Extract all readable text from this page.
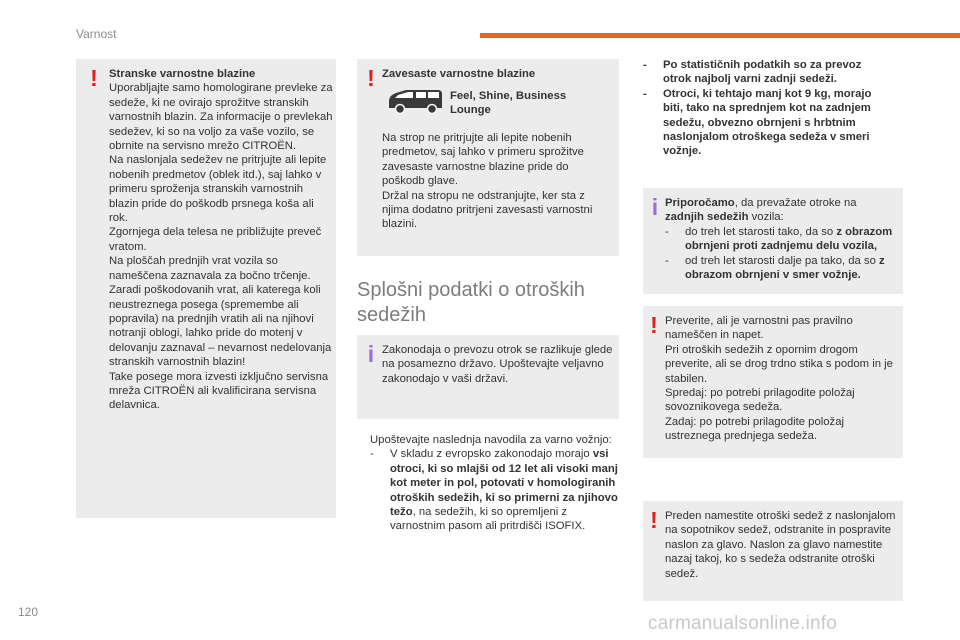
Varnost
! Stranske varnostne blazine
Uporabljajte samo homologirane prevleke za sedeže, ki ne ovirajo sprožitve stranskih varnostnih blazin. Za informacije o prevlekah sedežev, ki so na voljo za vaše vozilo, se obrnite na servisno mrežo CITROËN.
Na naslonjala sedežev ne pritrjujte ali lepite nobenih predmetov (oblek itd.), saj lahko v primeru sproženja stranskih varnostnih blazin pride do poškodb prsnega koša ali rok.
Zgornjega dela telesa ne približujte preveč vratom.
Na ploščah prednjih vrat vozila so nameščena zaznavala za bočno trčenje. Zaradi poškodovanih vrat, ali katerega koli neustreznega posega (spremembe ali popravila) na prednjih vratih ali na njihovi notranji oblogi, lahko pride do motenj v delovanju zaznaval – nevarnost nedelovanja stranskih varnostnih blazin!
Take posege mora izvesti izključno servisna mreža CITROËN ali kvalificirana servisna delavnica.
! Zavesaste varnostne blazine
Feel, Shine, Business Lounge
Na strop ne pritrjujte ali lepite nobenih predmetov, saj lahko v primeru sprožitve zavesaste varnostne blazine pride do poškodb glave.
Držal na stropu ne odstranjujte, ker sta z njima dodatno pritrjeni zavesasti varnostni blazini.
Splošni podatki o otroških sedežih
i Zakonodaja o prevozu otrok se razlikuje glede na posamezno državo. Upoštevajte veljavno zakonodajo v vaši državi.
Upoštevajte naslednja navodila za varno vožnjo:
- V skladu z evropsko zakonodajo morajo vsi otroci, ki so mlajši od 12 let ali visoki manj kot meter in pol, potovati v homologiranih otroških sedežih, ki so primerni za njihovo težo, na sedežih, ki so opremljeni z varnostnim pasom ali pritrdišči ISOFIX.
- Po statističnih podatkih so za prevoz otrok najbolj varni zadnji sedeži.
- Otroci, ki tehtajo manj kot 9 kg, morajo biti, tako na sprednjem kot na zadnjem sedežu, obvezno obrnjeni s hrbtnim naslonjalom otroškega sedeža v smeri vožnje.
i Priporočamo, da prevažate otroke na zadnjih sedežih vozila:
- do treh let starosti tako, da so z obrazom obrnjeni proti zadnjemu delu vozila,
- od treh let starosti dalje pa tako, da so z obrazom obrnjeni v smer vožnje.
! Preverite, ali je varnostni pas pravilno nameščen in napet.
Pri otroških sedežih z opornim drogom preverite, ali se drog trdno stika s podom in je stabilen.
Spredaj: po potrebi prilagodite položaj sovoznikovega sedeža.
Zadaj: po potrebi prilagodite položaj ustreznega prednjega sedeža.
! Preden namestite otroški sedež z naslonjalom na sopotnikov sedež, odstranite in pospravite naslon za glavo. Naslon za glavo namestite nazaj takoj, ko s sedeža odstranite otroški sedež.
120
carmanualsonline.info
